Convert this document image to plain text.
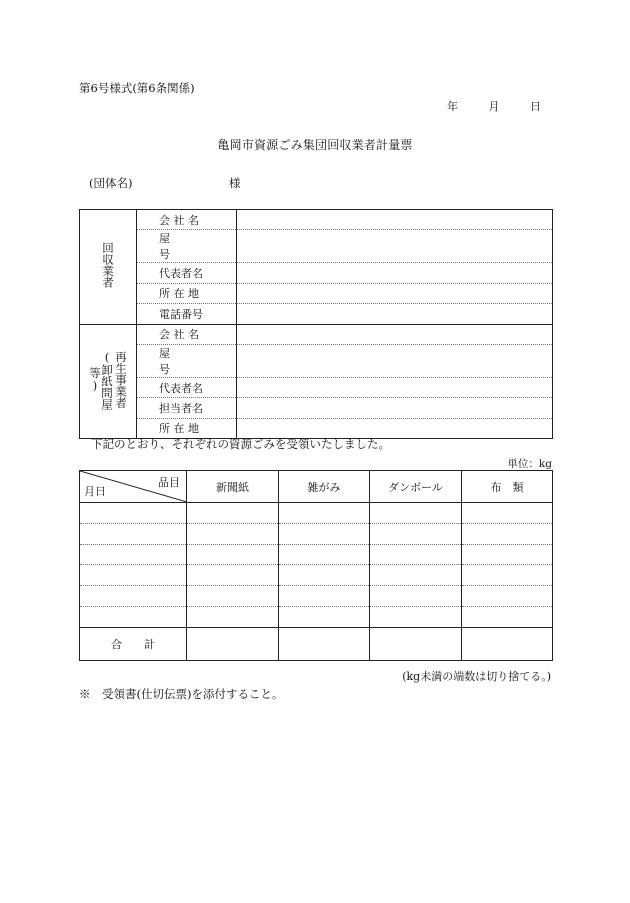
第6号様式(第6条関係)
年	月	日
亀岡市資源ごみ集団回収業者計量票
(団体名)	様
回収業者	会 社 名	
	屋 号	
	代表者名	
	所 在 地	
	電話番号	

再生事業者
(卸紙問屋等)	会 社 名	
	屋 号	
	代表者名	
	担当者名	
	所 在 地	
下記のとおり、それぞれの資源ごみを受領いたしました。
単位：kg
品目
月日	新聞紙	雑がみ	ダンボール	布　類

合　　計				
(kg未満の端数は切り捨てる。)
※　受領書(仕切伝票)を添付すること。
